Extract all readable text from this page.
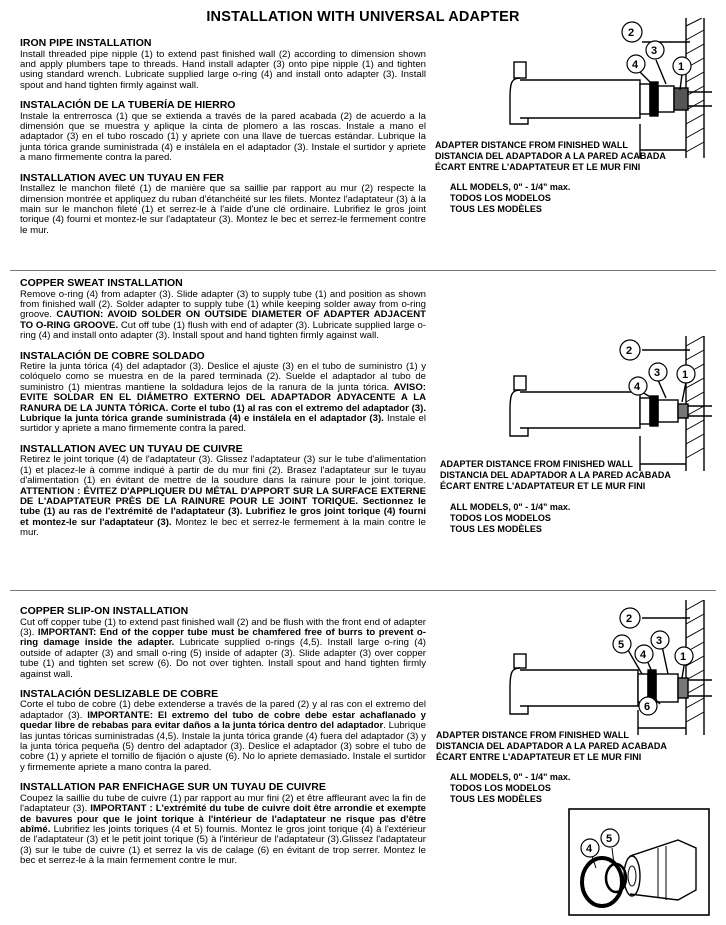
INSTALLATION WITH UNIVERSAL ADAPTER
IRON PIPE INSTALLATION
Install threaded pipe nipple (1) to extend past finished wall (2) according to dimension shown and apply plumbers tape to threads. Hand install adapter (3) onto pipe nipple (1) and tighten using standard wrench. Lubricate supplied large o-ring (4) and install onto adapter (3). Install spout and hand tighten firmly against wall.
INSTALACIÓN DE LA TUBERÍA DE HIERRO
Instale la entrerrosca (1) que se extienda a través de la pared acabada (2) de acuerdo a la dimensión que se muestra y aplique la cinta de plomero a las roscas. Instale a mano el adaptador (3) en el tubo roscado (1) y apriete con una llave de tuercas estándar. Lubrique la junta tórica grande suministrada (4) e instálela en el adaptador (3). Instale el surtidor y apriete a mano firmemente contra la pared.
INSTALLATION AVEC UN TUYAU EN FER
Installez le manchon fileté (1) de manière que sa saillie par rapport au mur (2) respecte la dimension montrée et appliquez du ruban d'étanchéité sur les filets. Montez l'adaptateur (3) à la main sur le manchon fileté (1) et serrez-le à l'aide d'une clé ordinaire. Lubrifiez le gros joint torique (4) fourni et montez-le sur l'adaptateur (3). Montez le bec et serrez-le fermement contre le mur.
2
3
4	1
ADAPTER DISTANCE FROM FINISHED WALL
DISTANCIA DEL ADAPTADOR A LA PARED ACABADA
ÉCART ENTRE L'ADAPTATEUR ET LE MUR FINI
ALL MODELS, 0" - 1/4" max.
TODOS LOS MODELOS
TOUS LES MODÈLES
COPPER SWEAT INSTALLATION
Remove o-ring (4) from adapter (3). Slide adapter (3) to supply tube (1) and position as shown from finished wall (2). Solder adapter to supply tube (1) while keeping solder away from o-ring groove. CAUTION: AVOID SOLDER ON OUTSIDE DIAMETER OF ADAPTER ADJACENT TO O-RING GROOVE. Cut off tube (1) flush with end of adapter (3). Lubricate supplied large o-ring (4) and install onto adapter (3). Install spout and hand tighten firmly against wall.
INSTALACIÓN DE COBRE SOLDADO
Retire la junta tórica (4) del adaptador (3). Deslice el ajuste (3) en el tubo de suministro (1) y colóquelo como se muestra en de la pared terminada (2). Suelde el adaptador al tubo de suministro (1) mientras mantiene la soldadura lejos de la ranura de la junta tórica. AVISO: EVITE SOLDAR EN EL DIÁMETRO EXTERNO DEL ADAPTADOR ADYACENTE A LA RANURA DE LA JUNTA TÓRICA. Corte el tubo (1) al ras con el extremo del adaptador (3). Lubrique la junta tórica grande suministrada (4) e instálela en el adaptador (3). Instale el surtidor y apriete a mano firmemente contra la pared.
INSTALLATION AVEC UN TUYAU DE CUIVRE
Retirez le joint torique (4) de l'adaptateur (3). Glissez l'adaptateur (3) sur le tube d'alimentation (1) et placez-le à comme indiqué à partir de du mur fini (2). Brasez l'adaptateur sur le tuyau d'alimentation (1) en évitant de mettre de la soudure dans la rainure pour le joint torique. ATTENTION : ÉVITEZ D'APPLIQUER DU MÉTAL D'APPORT SUR LA SURFACE EXTERNE DE L'ADAPTATEUR PRÈS DE LA RAINURE POUR LE JOINT TORIQUE. Sectionnez le tube (1) au ras de l'extrémité de l'adaptateur (3). Lubrifiez le gros joint torique (4) fourni et montez-le sur l'adaptateur (3). Montez le bec et serrez-le fermement à la main contre le mur.
2
3
4
1
ADAPTER DISTANCE FROM FINISHED WALL
DISTANCIA DEL ADAPTADOR A LA PARED ACABADA
ÉCART ENTRE L'ADAPTATEUR ET LE MUR FINI
ALL MODELS, 0" - 1/4" max.
TODOS LOS MODELOS
TOUS LES MODÈLES
COPPER SLIP-ON INSTALLATION
Cut off copper tube (1) to extend past finished wall (2) and be flush with the front end of adapter (3). IMPORTANT: End of the copper tube must be chamfered free of burrs to prevent o-ring damage inside the adapter. Lubricate supplied o-rings (4,5). Install large o-ring (4) outside of adapter (3) and small o-ring (5) inside of adapter (3). Slide adapter (3) over copper tube (1) and tighten set screw (6). Do not over tighten. Install spout and hand tighten firmly against wall.
INSTALACIÓN DESLIZABLE DE COBRE
Corte el tubo de cobre (1) debe extenderse a través de la pared (2) y al ras con el extremo del adaptador (3). IMPORTANTE: El extremo del tubo de cobre debe estar achaflanado y quedar libre de rebabas para evitar daños a la junta tórica dentro del adaptador. Lubrique las juntas tóricas suministradas (4,5). Instale la junta tórica grande (4) fuera del adaptador (3) y la junta tórica pequeña (5) dentro del adaptador (3). Deslice el adaptador (3) sobre el tubo de cobre (1) y apriete el tornillo de fijación o ajuste (6). No lo apriete demasiado. Instale el surtidor y firmemente apriete a mano contra la pared.
INSTALLATION PAR ENFICHAGE SUR UN TUYAU DE CUIVRE
Coupez la saillie du tube de cuivre (1) par rapport au mur fini (2) et être affleurant avec la fin de l'adaptateur (3). IMPORTANT : L'extrémité du tube de cuivre doit être arrondie et exempte de bavures pour que le joint torique à l'intérieur de l'adaptateur ne risque pas d'être abîmé. Lubrifiez les joints toriques (4 et 5) fournis. Montez le gros joint torique (4) à l'extérieur de l'adaptateur (3) et le petit joint torique (5) à l'intérieur de l'adaptateur (3).Glissez l'adaptateur (3) sur le tube de cuivre (1) et serrez la vis de calage (6) en évitant de trop serrer. Montez le bec et serrez-le à la main fermement contre le mur.
2
5	3
4	1
6
ADAPTER DISTANCE FROM FINISHED WALL
DISTANCIA DEL ADAPTADOR A LA PARED ACABADA
ÉCART ENTRE L'ADAPTATEUR ET LE MUR FINI
ALL MODELS, 0" - 1/4" max.
TODOS LOS MODELOS
TOUS LES MODÈLES
4
5
